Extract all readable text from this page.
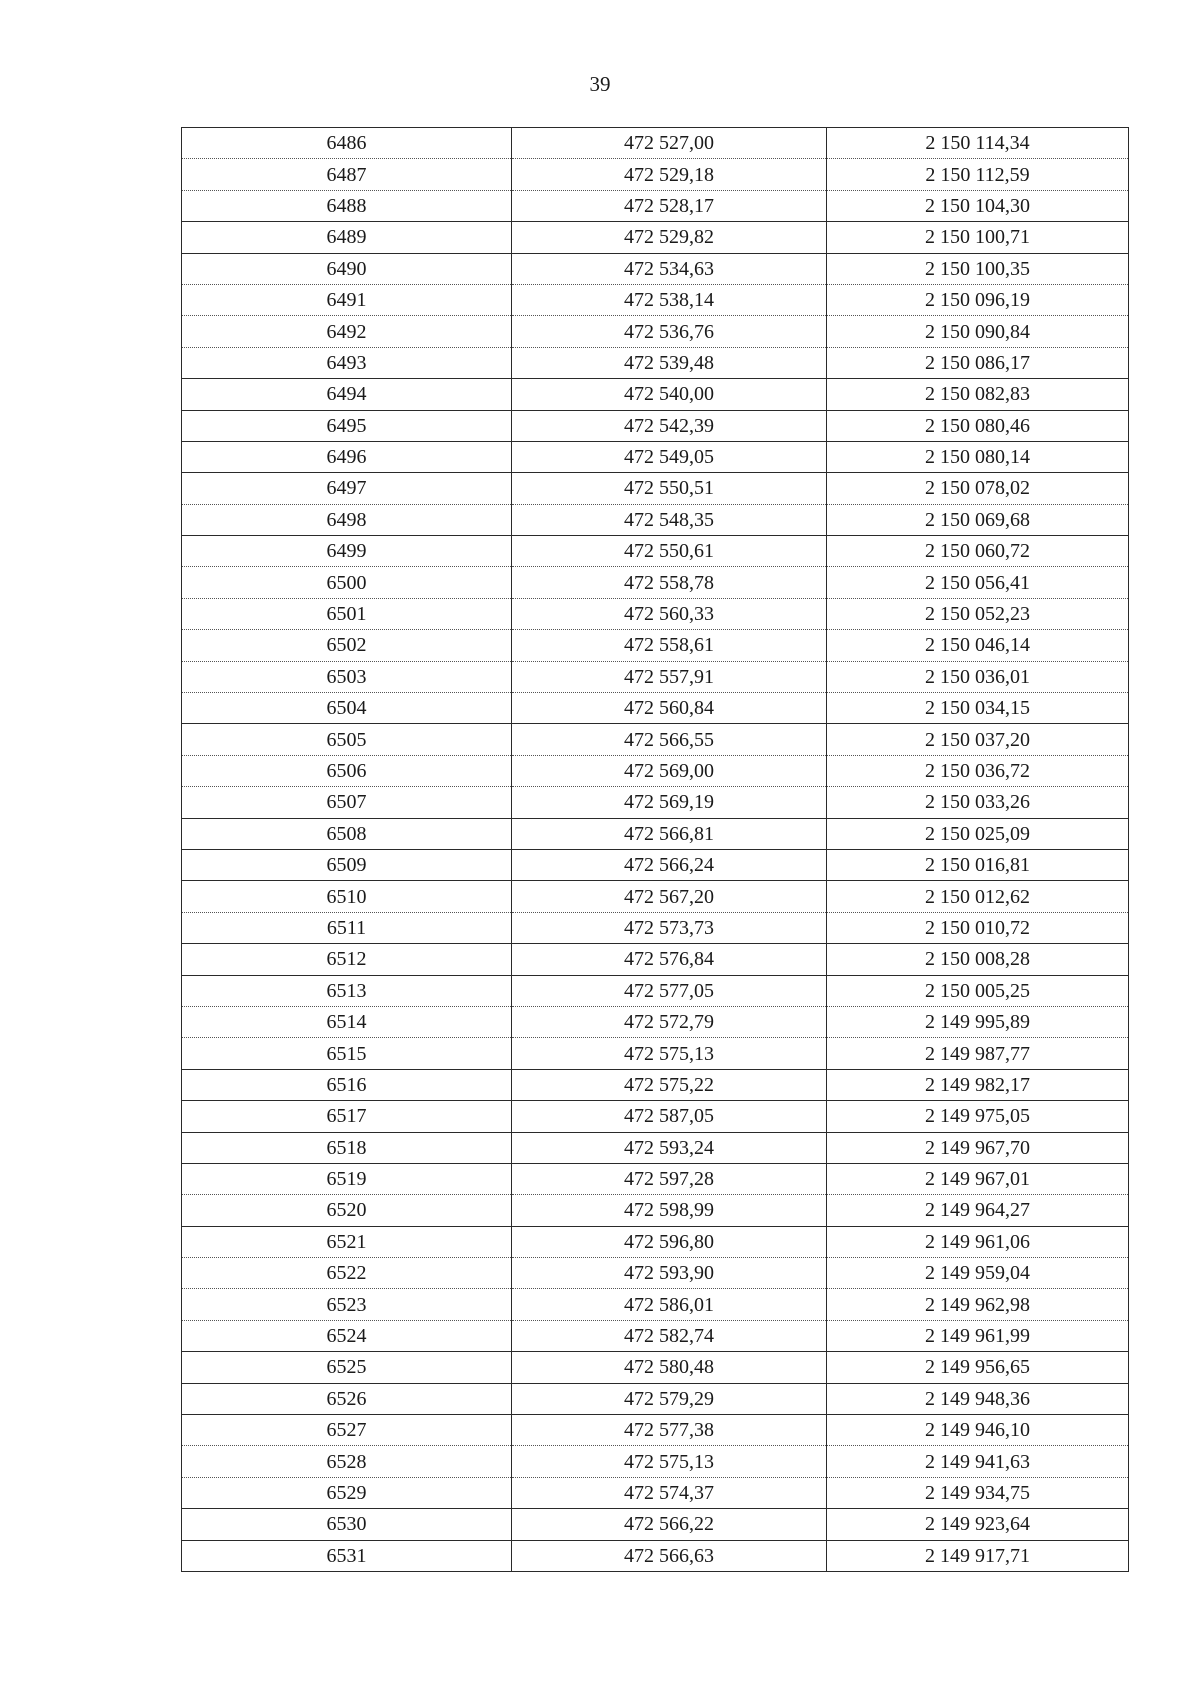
39
6486	472 527,00	2 150 114,34
6487	472 529,18	2 150 112,59
6488	472 528,17	2 150 104,30
6489	472 529,82	2 150 100,71
6490	472 534,63	2 150 100,35
6491	472 538,14	2 150 096,19
6492	472 536,76	2 150 090,84
6493	472 539,48	2 150 086,17
6494	472 540,00	2 150 082,83
6495	472 542,39	2 150 080,46
6496	472 549,05	2 150 080,14
6497	472 550,51	2 150 078,02
6498	472 548,35	2 150 069,68
6499	472 550,61	2 150 060,72
6500	472 558,78	2 150 056,41
6501	472 560,33	2 150 052,23
6502	472 558,61	2 150 046,14
6503	472 557,91	2 150 036,01
6504	472 560,84	2 150 034,15
6505	472 566,55	2 150 037,20
6506	472 569,00	2 150 036,72
6507	472 569,19	2 150 033,26
6508	472 566,81	2 150 025,09
6509	472 566,24	2 150 016,81
6510	472 567,20	2 150 012,62
6511	472 573,73	2 150 010,72
6512	472 576,84	2 150 008,28
6513	472 577,05	2 150 005,25
6514	472 572,79	2 149 995,89
6515	472 575,13	2 149 987,77
6516	472 575,22	2 149 982,17
6517	472 587,05	2 149 975,05
6518	472 593,24	2 149 967,70
6519	472 597,28	2 149 967,01
6520	472 598,99	2 149 964,27
6521	472 596,80	2 149 961,06
6522	472 593,90	2 149 959,04
6523	472 586,01	2 149 962,98
6524	472 582,74	2 149 961,99
6525	472 580,48	2 149 956,65
6526	472 579,29	2 149 948,36
6527	472 577,38	2 149 946,10
6528	472 575,13	2 149 941,63
6529	472 574,37	2 149 934,75
6530	472 566,22	2 149 923,64
6531	472 566,63	2 149 917,71
